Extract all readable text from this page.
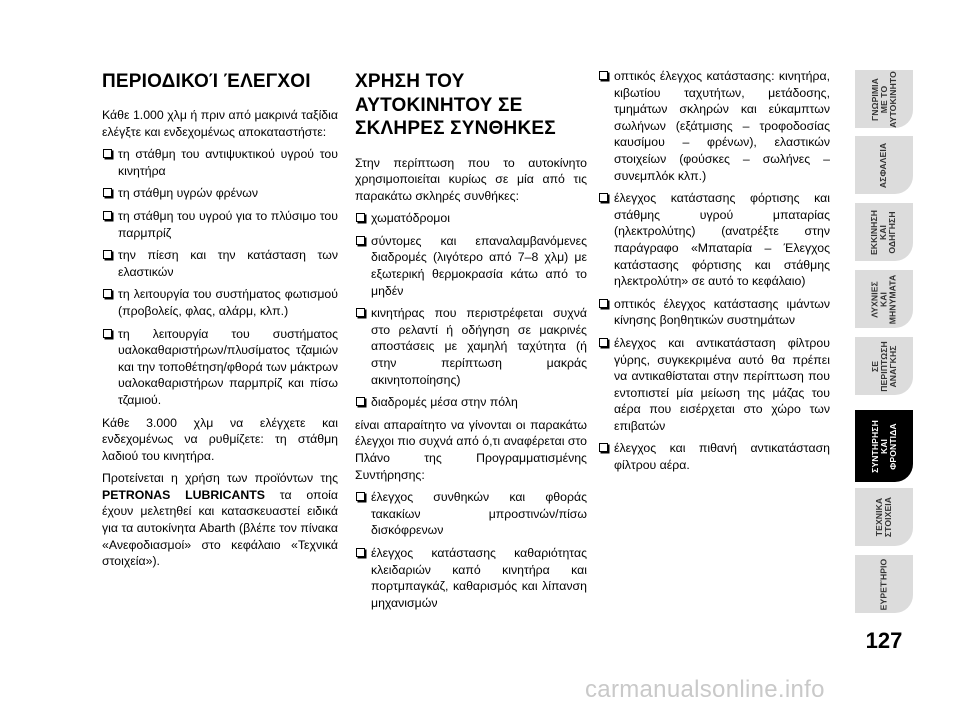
ΠΕΡΙΟΔΙΚΟΊ ΈΛΕΓΧΟΙ

Κάθε 1.000 χλμ ή πριν από μακρινά ταξίδια ελέγξτε και ενδεχομένως αποκαταστήστε:

τη στάθμη του αντιψυκτικού υγρού του κινητήρα
τη στάθμη υγρών φρένων
τη στάθμη του υγρού για το πλύσιμο του παρμπρίζ
την πίεση και την κατάσταση των ελαστικών
τη λειτουργία του συστήματος φωτισμού (προβολείς, φλας, αλάρμ, κλπ.)
τη λειτουργία του συστήματος υαλοκαθαριστήρων/πλυσίματος τζαμιών και την τοποθέτηση/φθορά των μάκτρων υαλοκαθαριστήρων παρμπρίζ και πίσω τζαμιού.

Κάθε 3.000 χλμ να ελέγχετε και ενδεχομένως να ρυθμίζετε: τη στάθμη λαδιού του κινητήρα.

Προτείνεται η χρήση των προϊόντων της PETRONAS LUBRICANTS τα οποία έχουν μελετηθεί και κατασκευαστεί ειδικά για τα αυτοκίνητα Abarth (βλέπε τον πίνακα «Ανεφοδιασμοί» στο κεφάλαιο «Τεχνικά στοιχεία»).

ΧΡΗΣΗ ΤΟΥ
ΑΥΤΟΚΙΝΗΤΟΥ ΣΕ
ΣΚΛΗΡΕΣ ΣΥΝΘΗΚΕΣ

Στην περίπτωση που το αυτοκίνητο χρησιμοποιείται κυρίως σε μία από τις παρακάτω σκληρές συνθήκες:

χωματόδρομοι
σύντομες και επαναλαμβανόμενες διαδρομές (λιγότερο από 7–8 χλμ) με εξωτερική θερμοκρασία κάτω από το μηδέν
κινητήρας που περιστρέφεται συχνά στο ρελαντί ή οδήγηση σε μακρινές αποστάσεις με χαμηλή ταχύτητα (ή στην περίπτωση μακράς ακινητοποίησης)
διαδρομές μέσα στην πόλη

είναι απαραίτητο να γίνονται οι παρακάτω έλεγχοι πιο συχνά από ό,τι αναφέρεται στο Πλάνο της Προγραμματισμένης Συντήρησης:

έλεγχος συνθηκών και φθοράς τακακίων μπροστινών/πίσω δισκόφρενων
έλεγχος κατάστασης καθαριότητας κλειδαριών καπό κινητήρα και πορτμπαγκάζ, καθαρισμός και λίπανση μηχανισμών
οπτικός έλεγχος κατάστασης: κινητήρα, κιβωτίου ταχυτήτων, μετάδοσης, τμημάτων σκληρών και εύκαμπτων σωλήνων (εξάτμισης – τροφοδοσίας καυσίμου – φρένων), ελαστικών στοιχείων (φούσκες – σωλήνες – συνεμπλόκ κλπ.)
έλεγχος κατάστασης φόρτισης και στάθμης υγρού μπαταρίας (ηλεκτρολύτης) (ανατρέξτε στην παράγραφο «Μπαταρία – Έλεγχος κατάστασης φόρτισης και στάθμης ηλεκτρολύτη» σε αυτό το κεφάλαιο)
οπτικός έλεγχος κατάστασης ιμάντων κίνησης βοηθητικών συστημάτων
έλεγχος και αντικατάσταση φίλτρου γύρης, συγκεκριμένα αυτό θα πρέπει να αντικαθίσταται στην περίπτωση που εντοπιστεί μία μείωση της μάζας του αέρα που εισέρχεται στο χώρο των επιβατών
έλεγχος και πιθανή αντικατάσταση φίλτρου αέρα.
ΓΝΩΡΙΜΙΑ
ΜΕ ΤΟ
ΑΥΤΟΚΙΝΗΤΟ
ΑΣΦΑΛΕΙΑ
ΕΚΚΙΝΗΣΗ
ΚΑΙ
ΟΔΗΓΗΣΗ
ΛΥΧΝΙΕΣ
ΚΑΙ
ΜΗΝΥΜΑΤΑ
ΣΕ
ΠΕΡΙΠΤΩΣΗ
ΑΝΑΓΚΗΣ
ΣΥΝΤΗΡΗΣΗ
ΚΑΙ
ΦΡΟΝΤΙΔΑ
ΤΕΧΝΙΚΑ
ΣΤΟΙΧΕΙΑ
ΕΥΡΕΤΉΡΙΟ
127
carmanualsonline.info
